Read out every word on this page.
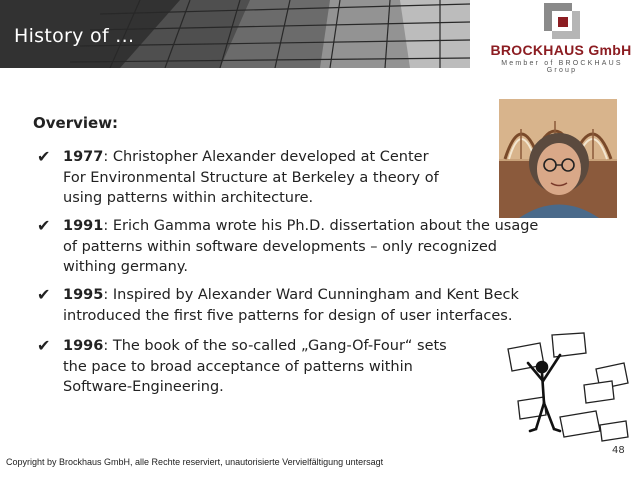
History of ...
BROCKHAUS GmbH
Member of BROCKHAUS Group
Overview:
✔ 1977: Christopher Alexander developed at Center
For Environmental Structure at Berkeley a theory of
using patterns within architecture.
✔ 1991: Erich Gamma wrote his Ph.D. dissertation about the usage
of patterns within software developments – only recognized
withing germany.
✔ 1995: Inspired by Alexander Ward Cunningham and Kent Beck
introduced the first five patterns for design of user interfaces.
✔ 1996: The book of the so-called „Gang-Of-Four“ sets
the pace to broad acceptance of patterns within
Software-Engineering.
48
Copyright by Brockhaus GmbH, alle Rechte reserviert, unautorisierte Vervielfältigung untersagt
